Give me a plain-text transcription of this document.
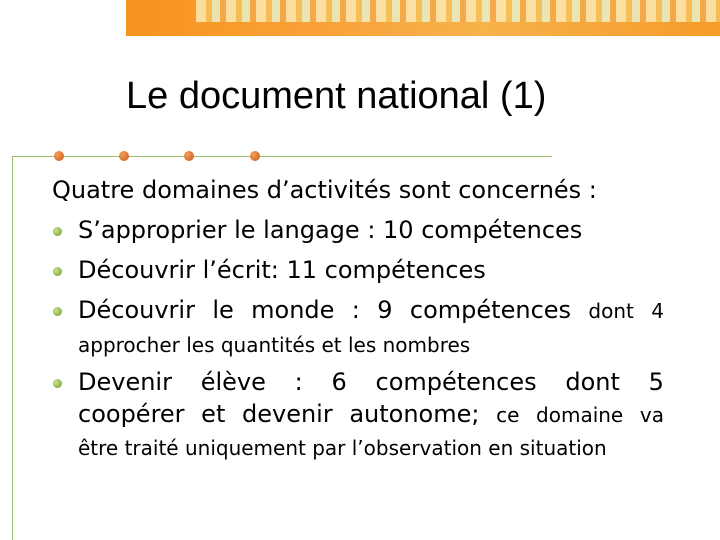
Le document national (1)
Quatre domaines d’activités sont concernés :
S’approprier le langage : 10 compétences
Découvrir l’écrit: 11 compétences
Découvrir le monde : 9 compétences dont 4
approcher les quantités et les nombres
Devenir élève : 6 compétences dont 5
coopérer et devenir autonome; ce domaine va
être traité uniquement par l’observation en situation
